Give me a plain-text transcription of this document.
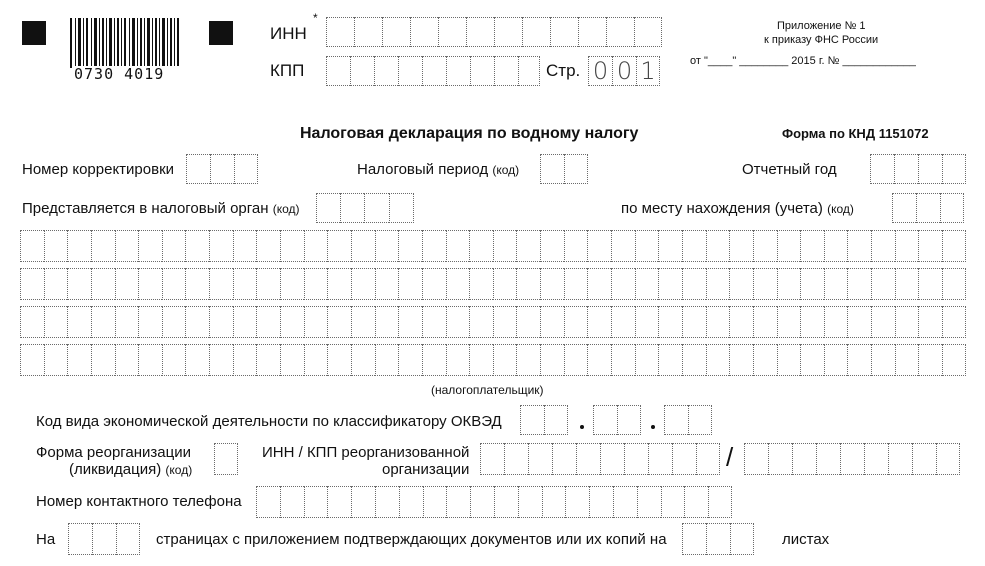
0730 4019
ИНН
*
КПП	Стр. 0 0 1
Приложение № 1
к приказу ФНС России
от "____" ________ 2015 г. № ____________
Налоговая декларация по водному налогу	Форма по КНД 1151072
Номер корректировки	Налоговый период (код)	Отчетный год
Представляется в налоговый орган (код)	по месту нахождения (учета) (код)
(налогоплательщик)
Код вида экономической деятельности по классификатору ОКВЭД
Форма реорганизации
(ликвидация) (код)
ИНН / КПП реорганизованной
организации	/
Номер контактного телефона
На	страницах с приложением подтверждающих документов или их копий на	листах
